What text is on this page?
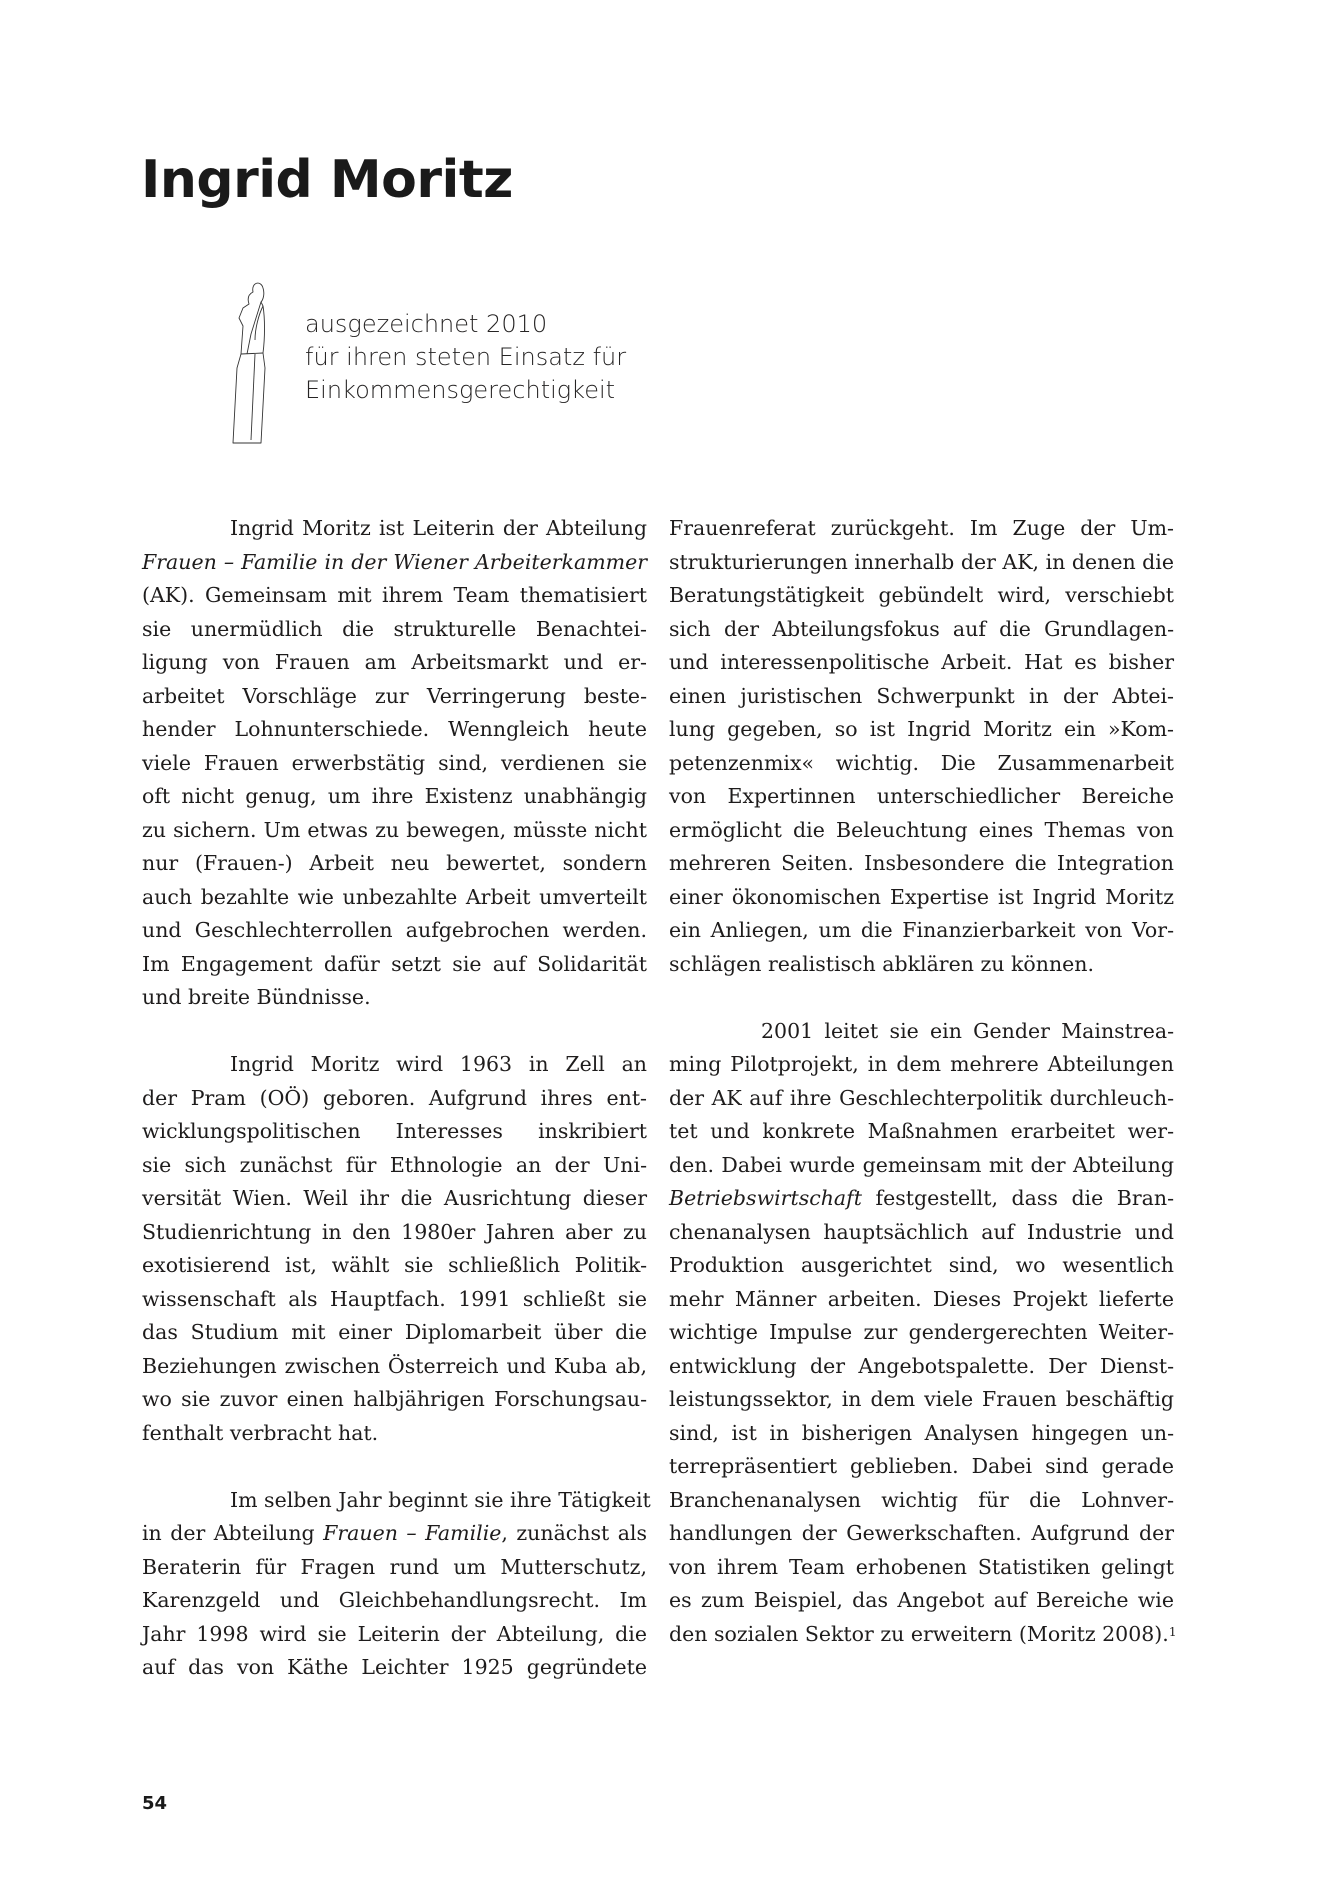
Ingrid Moritz
ausgezeichnet 2010
für ihren steten Einsatz für
Einkommensgerechtigkeit
Ingrid Moritz ist Leiterin der Abteilung
Frauen – Familie in der Wiener Arbeiterkammer
(AK). Gemeinsam mit ihrem Team thematisiert
sie unermüdlich die strukturelle Benachtei-
ligung von Frauen am Arbeitsmarkt und er-
arbeitet Vorschläge zur Verringerung beste-
hender Lohnunterschiede. Wenngleich heute
viele Frauen erwerbstätig sind, verdienen sie
oft nicht genug, um ihre Existenz unabhängig
zu sichern. Um etwas zu bewegen, müsste nicht
nur (Frauen-) Arbeit neu bewertet, sondern
auch bezahlte wie unbezahlte Arbeit umverteilt
und Geschlechterrollen aufgebrochen werden.
Im Engagement dafür setzt sie auf Solidarität
und breite Bündnisse.
Ingrid Moritz wird 1963 in Zell an
der Pram (OÖ) geboren. Aufgrund ihres ent-
wicklungspolitischen Interesses inskribiert
sie sich zunächst für Ethnologie an der Uni-
versität Wien. Weil ihr die Ausrichtung dieser
Studienrichtung in den 1980er Jahren aber zu
exotisierend ist, wählt sie schließlich Politik-
wissenschaft als Hauptfach. 1991 schließt sie
das Studium mit einer Diplomarbeit über die
Beziehungen zwischen Österreich und Kuba ab,
wo sie zuvor einen halbjährigen Forschungsau-
fenthalt verbracht hat.
Im selben Jahr beginnt sie ihre Tätigkeit
in der Abteilung Frauen – Familie, zunächst als
Beraterin für Fragen rund um Mutterschutz,
Karenzgeld und Gleichbehandlungsrecht. Im
Jahr 1998 wird sie Leiterin der Abteilung, die
auf das von Käthe Leichter 1925 gegründete
Frauenreferat zurückgeht. Im Zuge der Um-
strukturierungen innerhalb der AK, in denen die
Beratungstätigkeit gebündelt wird, verschiebt
sich der Abteilungsfokus auf die Grundlagen-
und interessenpolitische Arbeit. Hat es bisher
einen juristischen Schwerpunkt in der Abtei-
lung gegeben, so ist Ingrid Moritz ein »Kom-
petenzenmix« wichtig. Die Zusammenarbeit
von Expertinnen unterschiedlicher Bereiche
ermöglicht die Beleuchtung eines Themas von
mehreren Seiten. Insbesondere die Integration
einer ökonomischen Expertise ist Ingrid Moritz
ein Anliegen, um die Finanzierbarkeit von Vor-
schlägen realistisch abklären zu können.
2001 leitet sie ein Gender Mainstrea-
ming Pilotprojekt, in dem mehrere Abteilungen
der AK auf ihre Geschlechterpolitik durchleuch-
tet und konkrete Maßnahmen erarbeitet wer-
den. Dabei wurde gemeinsam mit der Abteilung
Betriebswirtschaft festgestellt, dass die Bran-
chenanalysen hauptsächlich auf Industrie und
Produktion ausgerichtet sind, wo wesentlich
mehr Männer arbeiten. Dieses Projekt lieferte
wichtige Impulse zur gendergerechten Weiter-
entwicklung der Angebotspalette. Der Dienst-
leistungssektor, in dem viele Frauen beschäftig
sind, ist in bisherigen Analysen hingegen un-
terrepräsentiert geblieben. Dabei sind gerade
Branchenanalysen wichtig für die Lohnver-
handlungen der Gewerkschaften. Aufgrund der
von ihrem Team erhobenen Statistiken gelingt
es zum Beispiel, das Angebot auf Bereiche wie
den sozialen Sektor zu erweitern (Moritz 2008).$^1$
54
